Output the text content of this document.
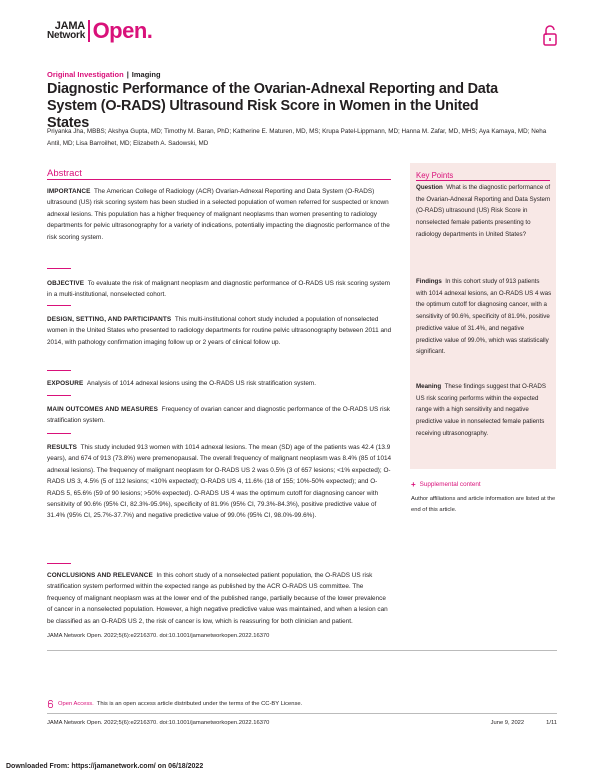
JAMA
Network Open.
Original Investigation | Imaging
Diagnostic Performance of the Ovarian-Adnexal Reporting and Data System (O-RADS) Ultrasound Risk Score in Women in the United States
Priyanka Jha, MBBS; Akshya Gupta, MD; Timothy M. Baran, PhD; Katherine E. Maturen, MD, MS; Krupa Patel-Lippmann, MD; Hanna M. Zafar, MD, MHS; Aya Kamaya, MD; Neha Antil, MD; Lisa Barroilhet, MD; Elizabeth A. Sadowski, MD
Abstract
IMPORTANCE The American College of Radiology (ACR) Ovarian-Adnexal Reporting and Data System (O-RADS) ultrasound (US) risk scoring system has been studied in a selected population of women referred for suspected or known adnexal lesions. This population has a higher frequency of malignant neoplasms than women presenting to radiology departments for pelvic ultrasonography for a variety of indications, potentially impacting the diagnostic performance of the risk scoring system.
OBJECTIVE To evaluate the risk of malignant neoplasm and diagnostic performance of O-RADS US risk scoring system in a multi-institutional, nonselected cohort.
DESIGN, SETTING, AND PARTICIPANTS This multi-institutional cohort study included a population of nonselected women in the United States who presented to radiology departments for routine pelvic ultrasonography between 2011 and 2014, with pathology confirmation imaging follow up or 2 years of clinical follow up.
EXPOSURE Analysis of 1014 adnexal lesions using the O-RADS US risk stratification system.
MAIN OUTCOMES AND MEASURES Frequency of ovarian cancer and diagnostic performance of the O-RADS US risk stratification system.
RESULTS This study included 913 women with 1014 adnexal lesions. The mean (SD) age of the patients was 42.4 (13.9 years), and 674 of 913 (73.8%) were premenopausal. The overall frequency of malignant neoplasm was 8.4% (85 of 1014 adnexal lesions). The frequency of malignant neoplasm for O-RADS US 2 was 0.5% (3 of 657 lesions; <1% expected); O-RADS US 3, 4.5% (5 of 112 lesions; <10% expected); O-RADS US 4, 11.6% (18 of 155; 10%-50% expected); and O-RADS 5, 65.6% (59 of 90 lesions; >50% expected). O-RADS US 4 was the optimum cutoff for diagnosing cancer with sensitivity of 90.6% (95% CI, 82.3%-95.9%), specificity of 81.9% (95% CI, 79.3%-84.3%), positive predictive value of 31.4% (95% CI, 25.7%-37.7%) and negative predictive value of 99.0% (95% CI, 98.0%-99.6%).
CONCLUSIONS AND RELEVANCE In this cohort study of a nonselected patient population, the O-RADS US risk stratification system performed within the expected range as published by the ACR O-RADS US committee. The frequency of malignant neoplasm was at the lower end of the published range, partially because of the lower prevalence of cancer in a nonselected population. However, a high negative predictive value was maintained, and when a lesion can be classified as an O-RADS US 2, the risk of cancer is low, which is reassuring for both clinician and patient.
JAMA Network Open. 2022;5(6):e2216370. doi:10.1001/jamanetworkopen.2022.16370
Key Points
Question What is the diagnostic performance of the Ovarian-Adnexal Reporting and Data System (O-RADS) ultrasound (US) Risk Score in nonselected female patients presenting to radiology departments in United States?
Findings In this cohort study of 913 patients with 1014 adnexal lesions, an O-RADS US 4 was the optimum cutoff for diagnosing cancer, with a sensitivity of 90.6%, specificity of 81.9%, positive predictive value of 31.4%, and negative predictive value of 99.0%, which was statistically significant.
Meaning These findings suggest that O-RADS US risk scoring performs within the expected range with a high sensitivity and negative predictive value in nonselected female patients receiving ultrasonography.
+ Supplemental content
Author affiliations and article information are listed at the end of this article.
Open Access. This is an open access article distributed under the terms of the CC-BY License.
JAMA Network Open. 2022;5(6):e2216370. doi:10.1001/jamanetworkopen.2022.16370	June 9, 2022	1/11
Downloaded From: https://jamanetwork.com/ on 06/18/2022
